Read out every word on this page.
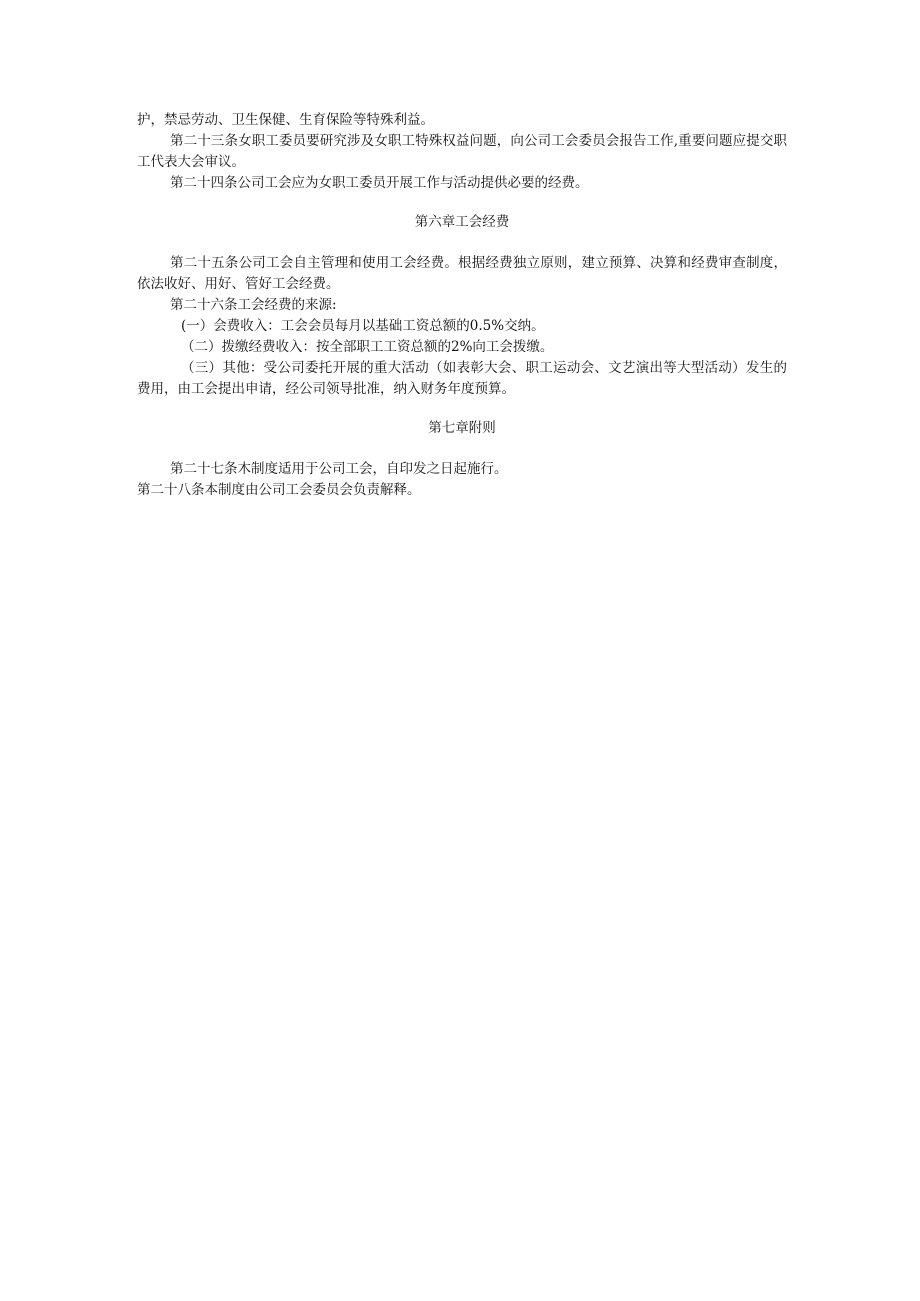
护，禁忌劳动、卫生保健、生育保险等特殊利益。

第二十三条女职工委员要研究涉及女职工特殊权益问题，向公司工会委员会报告工作,重要问题应提交职工代表大会审议。

第二十四条公司工会应为女职工委员开展工作与活动提供必要的经费。

第六章工会经费

第二十五条公司工会自主管理和使用工会经费。根据经费独立原则，建立预算、决算和经费审查制度，依法收好、用好、管好工会经费。

第二十六条工会经费的来源:

(一）会费收入：工会会员每月以基础工资总额的0.5%交纳。

（二）拨缴经费收入：按全部职工工资总额的2%向工会拨缴。

（三）其他：受公司委托开展的重大活动（如表彰大会、职工运动会、文艺演出等大型活动）发生的费用，由工会提出申请，经公司领导批准，纳入财务年度预算。

第七章附则

第二十七条木制度适用于公司工会，自印发之日起施行。

第二十八条本制度由公司工会委员会负责解释。
